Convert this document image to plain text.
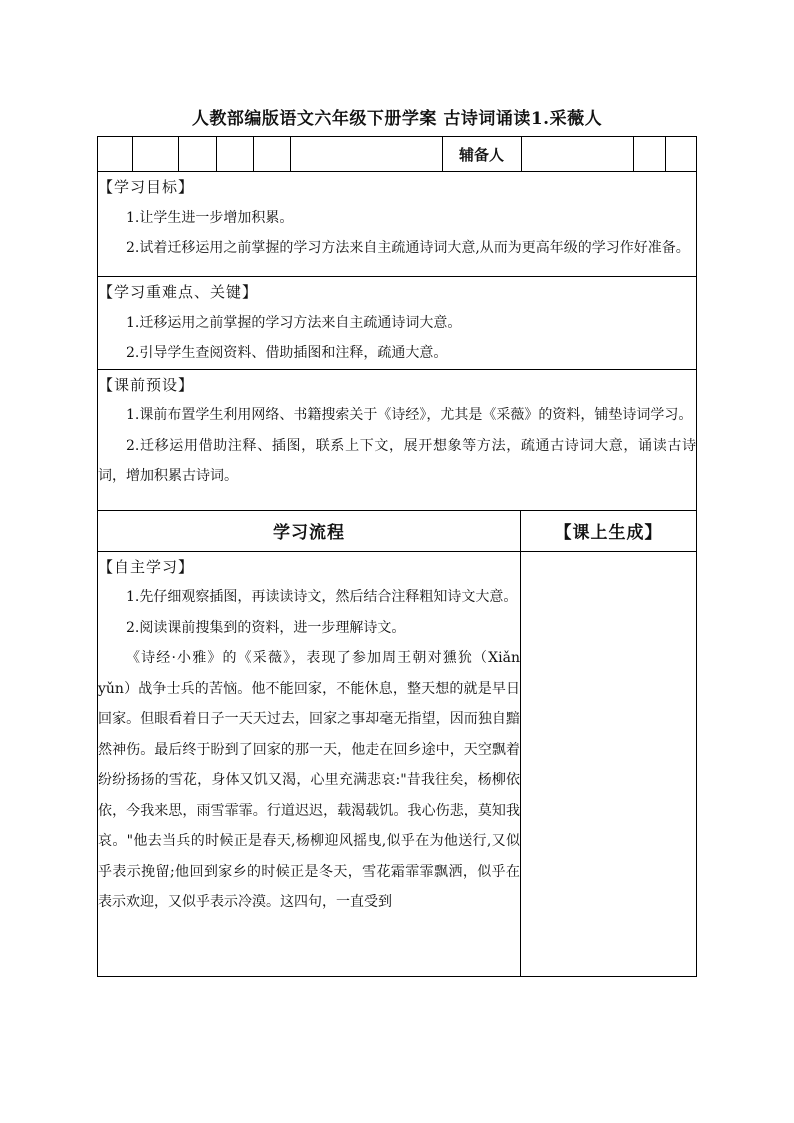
人教部编版语文六年级下册学案 古诗词诵读1.采薇人
						辅备人			

【学习目标】
1.让学生进一步增加积累。
2.试着迁移运用之前掌握的学习方法来自主疏通诗词大意,从而为更高年级的学习作好准备。

【学习重难点、关键】
1.迁移运用之前掌握的学习方法来自主疏通诗词大意。
2.引导学生查阅资料、借助插图和注释，疏通大意。

【课前预设】
1.课前布置学生利用网络、书籍搜索关于《诗经》，尤其是《采薇》的资料，铺垫诗词学习。
2.迁移运用借助注释、插图，联系上下文，展开想象等方法，疏通古诗词大意，诵读古诗词，增加积累古诗词。

学习流程	【课上生成】

【自主学习】
1.先仔细观察插图，再读读诗文，然后结合注释粗知诗文大意。
2.阅读课前搜集到的资料，进一步理解诗文。
《诗经·小雅》的《采薇》，表现了参加周王朝对獯狁（Xiǎn yǔn）战争士兵的苦恼。他不能回家，不能休息，整天想的就是早日回家。但眼看着日子一天天过去，回家之事却毫无指望，因而独自黯然神伤。最后终于盼到了回家的那一天，他走在回乡途中，天空飘着纷纷扬扬的雪花，身体又饥又渴，心里充满悲哀:"昔我往矣，杨柳依依，今我来思，雨雪霏霏。行道迟迟，载渴载饥。我心伤悲，莫知我哀。"他去当兵的时候正是春天,杨柳迎风摇曳,似乎在为他送行,又似乎表示挽留;他回到家乡的时候正是冬天，雪花霜霏霏飘洒，似乎在表示欢迎，又似乎表示冷漠。这四句，一直受到
